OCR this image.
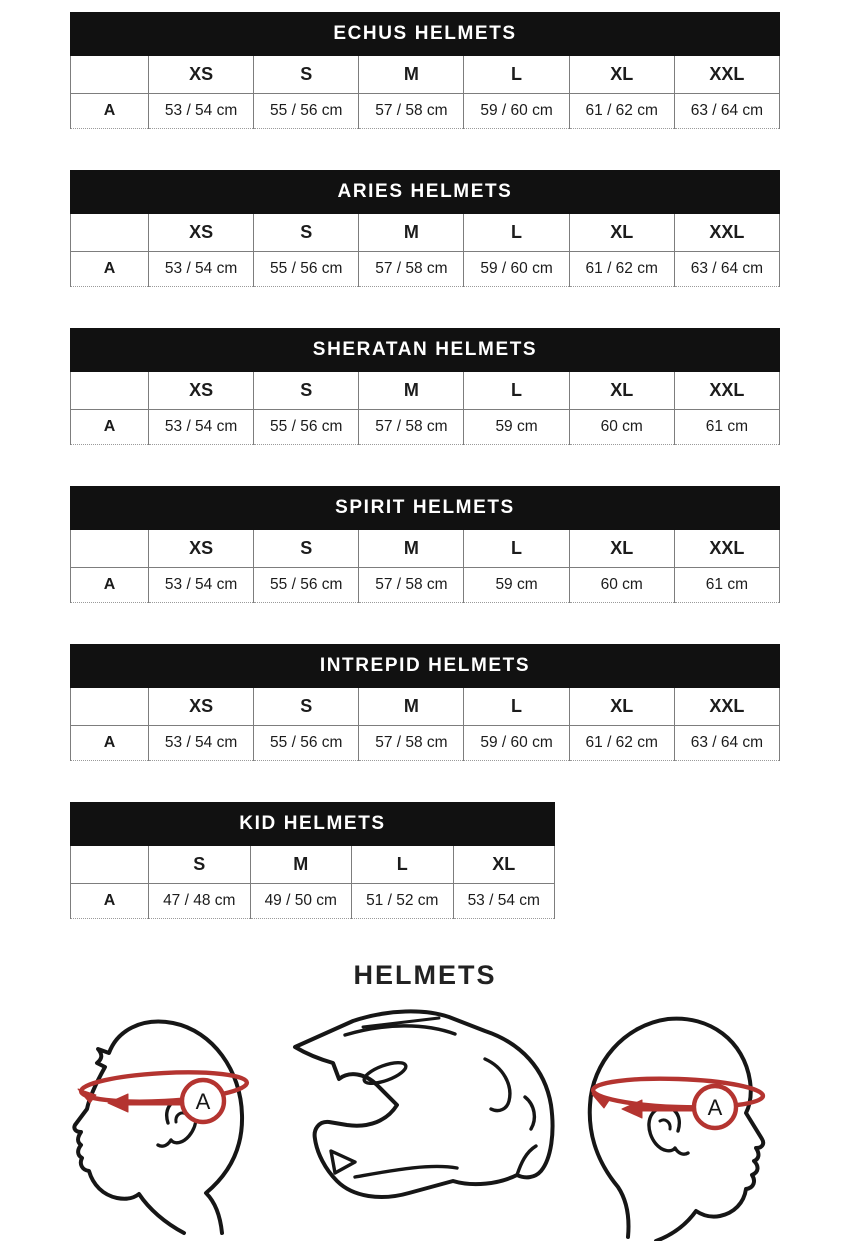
ECHUS HELMETS						
	XS	S	M	L	XL	XXL
A	53 / 54 cm	55 / 56 cm	57 / 58 cm	59 / 60 cm	61 / 62 cm	63 / 64 cm
ARIES HELMETS						
	XS	S	M	L	XL	XXL
A	53 / 54 cm	55 / 56 cm	57 / 58 cm	59 / 60 cm	61 / 62 cm	63 / 64 cm
SHERATAN HELMETS						
	XS	S	M	L	XL	XXL
A	53 / 54 cm	55 / 56 cm	57 / 58 cm	59 cm	60 cm	61 cm
SPIRIT HELMETS						
	XS	S	M	L	XL	XXL
A	53 / 54 cm	55 / 56 cm	57 / 58 cm	59 cm	60 cm	61 cm
INTREPID HELMETS						
	XS	S	M	L	XL	XXL
A	53 / 54 cm	55 / 56 cm	57 / 58 cm	59 / 60 cm	61 / 62 cm	63 / 64 cm
KID HELMETS				
	S	M	L	XL
A	47 / 48 cm	49 / 50 cm	51 / 52 cm	53 / 54 cm
HELMETS
A	A
